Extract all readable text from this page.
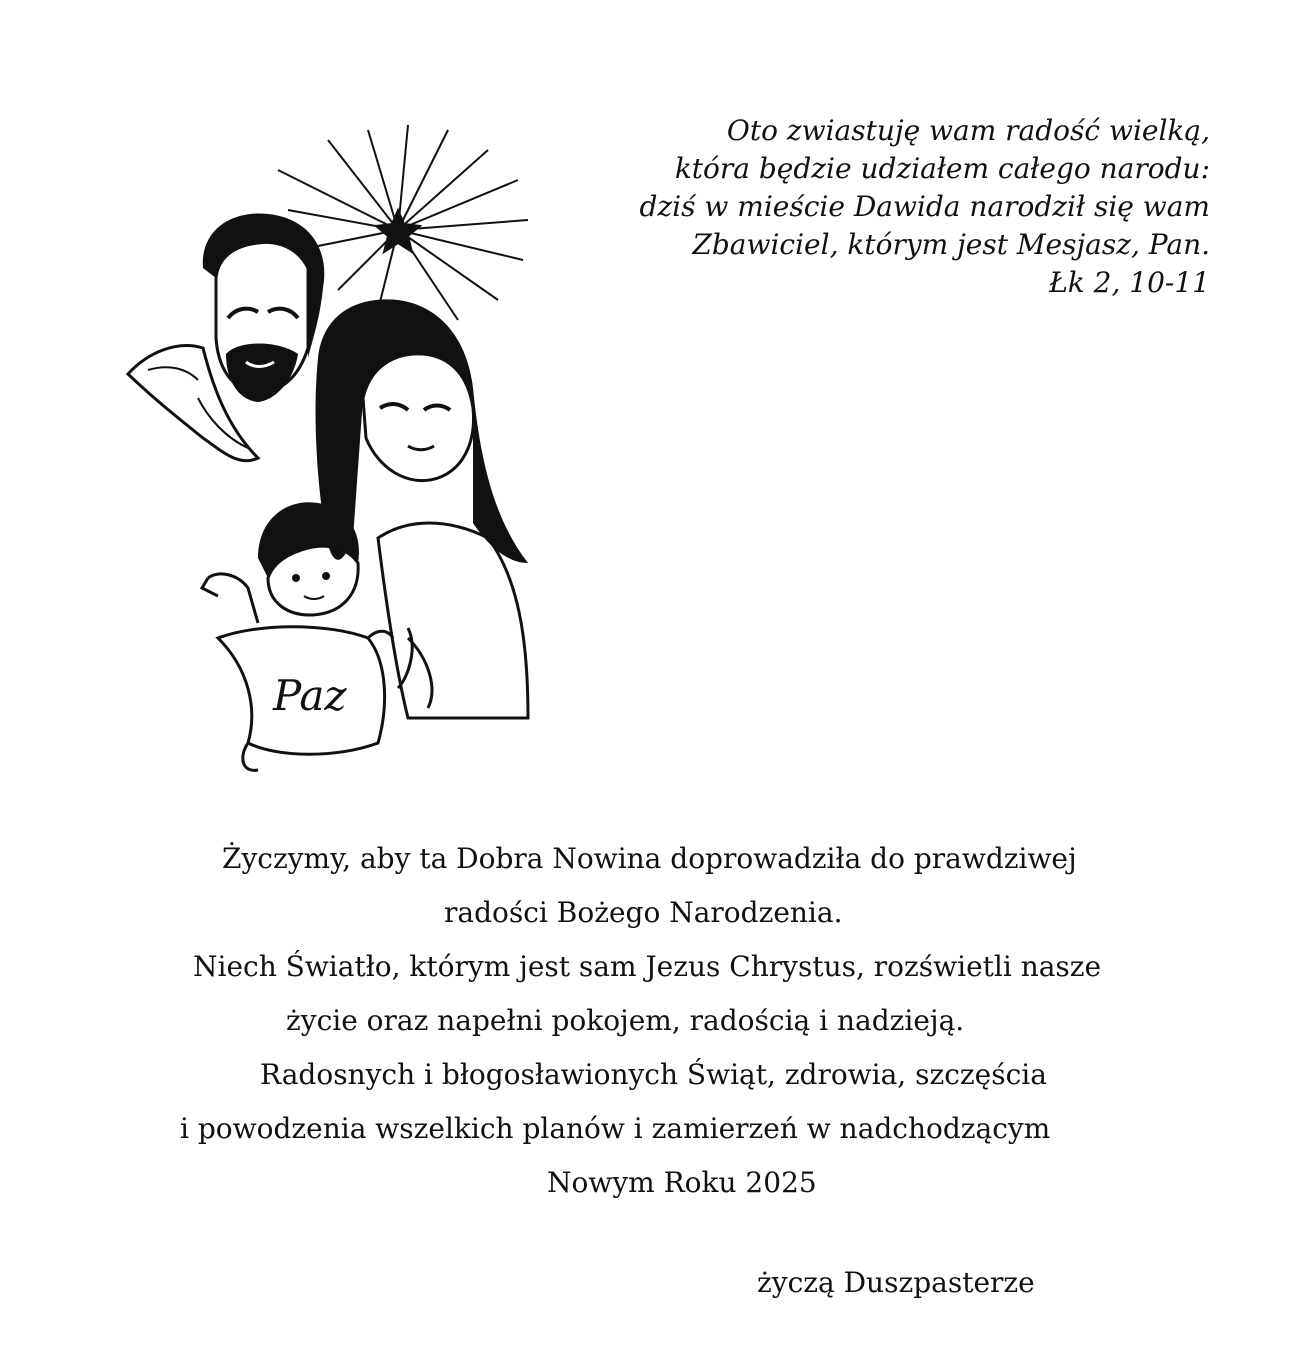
Paz
Oto zwiastuję wam radość wielką,
która będzie udziałem całego narodu:
dziś w mieście Dawida narodził się wam
Zbawiciel, którym jest Mesjasz, Pan.
Łk 2, 10-11
Życzymy, aby ta Dobra Nowina doprowadziła do prawdziwej
radości Bożego Narodzenia.
Niech Światło, którym jest sam Jezus Chrystus, rozświetli nasze
życie oraz napełni pokojem, radością i nadzieją.
Radosnych i błogosławionych Świąt, zdrowia, szczęścia
i powodzenia wszelkich planów i zamierzeń w nadchodzącym
Nowym Roku 2025
życzą Duszpasterze
